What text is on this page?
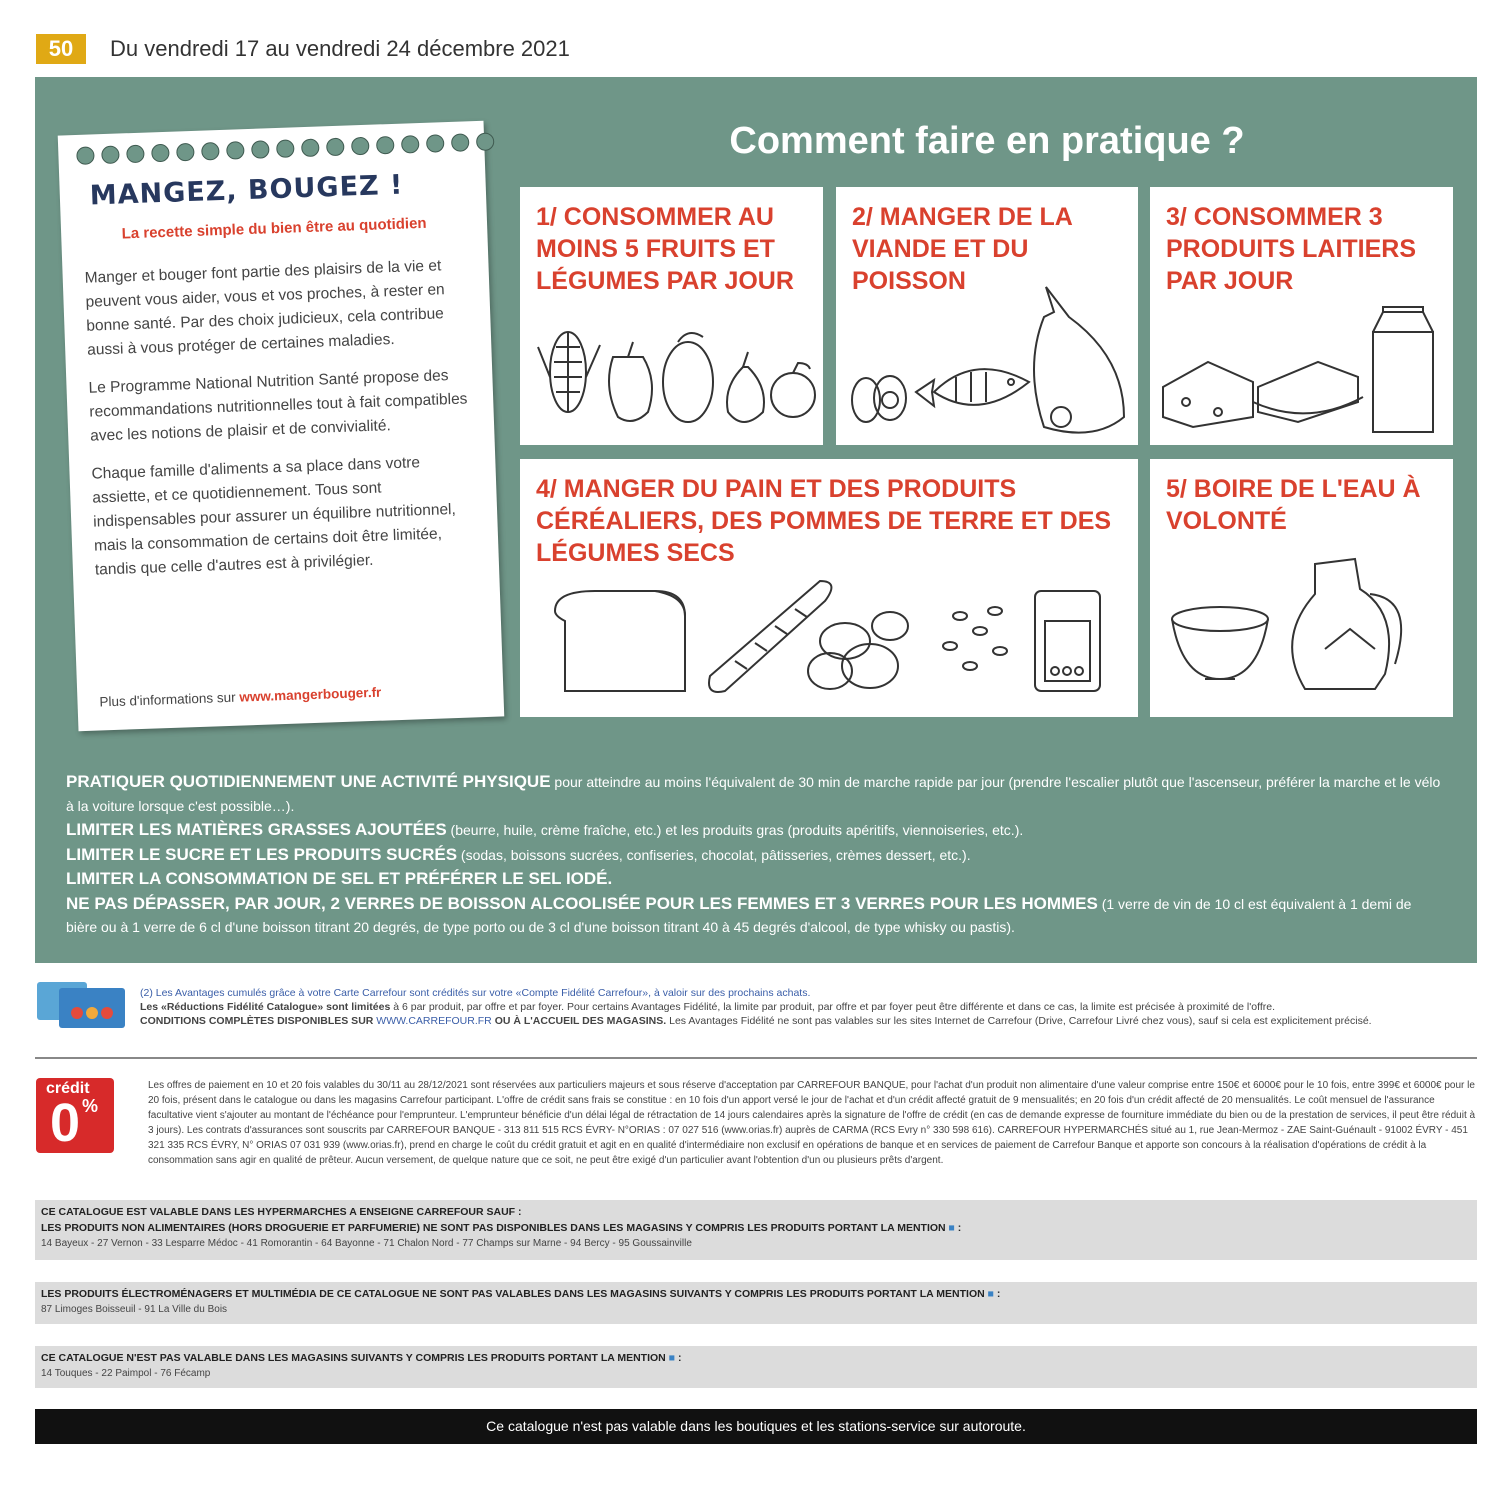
50	Du vendredi 17 au vendredi 24 décembre 2021
MANGEZ, BOUGEZ !
La recette simple du bien être au quotidien

Manger et bouger font partie des plaisirs de la vie et peuvent vous aider, vous et vos proches, à rester en bonne santé. Par des choix judicieux, cela contribue aussi à vous protéger de certaines maladies.

Le Programme National Nutrition Santé propose des recommandations nutritionnelles tout à fait compatibles avec les notions de plaisir et de convivialité.

Chaque famille d'aliments a sa place dans votre assiette, et ce quotidiennement. Tous sont indispensables pour assurer un équilibre nutritionnel, mais la consommation de certains doit être limitée, tandis que celle d'autres est à privilégier.

Plus d'informations sur www.mangerbouger.fr
Comment faire en pratique ?
1/ CONSOMMER AU MOINS 5 FRUITS ET LÉGUMES PAR JOUR
2/ MANGER DE LA VIANDE ET DU POISSON
3/ CONSOMMER 3 PRODUITS LAITIERS PAR JOUR
4/ MANGER DU PAIN ET DES PRODUITS CÉRÉALIERS, DES POMMES DE TERRE ET DES LÉGUMES SECS
5/ BOIRE DE L'EAU À VOLONTÉ
PRATIQUER QUOTIDIENNEMENT UNE ACTIVITÉ PHYSIQUE pour atteindre au moins l'équivalent de 30 min de marche rapide par jour (prendre l'escalier plutôt que l'ascenseur, préférer la marche et le vélo à la voiture lorsque c'est possible…).
LIMITER LES MATIÈRES GRASSES AJOUTÉES (beurre, huile, crème fraîche, etc.) et les produits gras (produits apéritifs, viennoiseries, etc.).
LIMITER LE SUCRE ET LES PRODUITS SUCRÉS (sodas, boissons sucrées, confiseries, chocolat, pâtisseries, crèmes dessert, etc.).
LIMITER LA CONSOMMATION DE SEL ET PRÉFÉRER LE SEL IODÉ.
NE PAS DÉPASSER, PAR JOUR, 2 VERRES DE BOISSON ALCOOLISÉE POUR LES FEMMES ET 3 VERRES POUR LES HOMMES (1 verre de vin de 10 cl est équivalent à 1 demi de bière ou à 1 verre de 6 cl d'une boisson titrant 20 degrés, de type porto ou de 3 cl d'une boisson titrant 40 à 45 degrés d'alcool, de type whisky ou pastis).
(2) Les Avantages cumulés grâce à votre Carte Carrefour sont crédités sur votre «Compte Fidélité Carrefour», à valoir sur des prochains achats.
Les «Réductions Fidélité Catalogue» sont limitées à 6 par produit, par offre et par foyer. Pour certains Avantages Fidélité, la limite par produit, par offre et par foyer peut être différente et dans ce cas, la limite est précisée à proximité de l'offre.
CONDITIONS COMPLÈTES DISPONIBLES SUR WWW.CARREFOUR.FR OU À L'ACCUEIL DES MAGASINS. Les Avantages Fidélité ne sont pas valables sur les sites Internet de Carrefour (Drive, Carrefour Livré chez vous), sauf si cela est explicitement précisé.
crédit
0 %
Les offres de paiement en 10 et 20 fois valables du 30/11 au 28/12/2021 sont réservées aux particuliers majeurs et sous réserve d'acceptation par CARREFOUR BANQUE, pour l'achat d'un produit non alimentaire d'une valeur comprise entre 150€ et 6000€ pour le 10 fois, entre 399€ et 6000€ pour le 20 fois, présent dans le catalogue ou dans les magasins Carrefour participant. L'offre de crédit sans frais se constitue : en 10 fois d'un apport versé le jour de l'achat et d'un crédit affecté gratuit de 9 mensualités; en 20 fois d'un crédit affecté de 20 mensualités. Le coût mensuel de l'assurance facultative vient s'ajouter au montant de l'échéance pour l'emprunteur. L'emprunteur bénéficie d'un délai légal de rétractation de 14 jours calendaires après la signature de l'offre de crédit (en cas de demande expresse de fourniture immédiate du bien ou de la prestation de services, il peut être réduit à 3 jours). Les contrats d'assurances sont souscrits par CARREFOUR BANQUE - 313 811 515 RCS ÉVRY- N°ORIAS : 07 027 516 (www.orias.fr) auprès de CARMA (RCS Evry n° 330 598 616). CARREFOUR HYPERMARCHÉS situé au 1, rue Jean-Mermoz - ZAE Saint-Guénault - 91002 ÉVRY - 451 321 335 RCS ÉVRY, N° ORIAS 07 031 939 (www.orias.fr), prend en charge le coût du crédit gratuit et agit en en qualité d'intermédiaire non exclusif en opérations de banque et en services de paiement de Carrefour Banque et apporte son concours à la réalisation d'opérations de crédit à la consommation sans agir en qualité de prêteur. Aucun versement, de quelque nature que ce soit, ne peut être exigé d'un particulier avant l'obtention d'un ou plusieurs prêts d'argent.
CE CATALOGUE EST VALABLE DANS LES HYPERMARCHES A ENSEIGNE CARREFOUR SAUF :
LES PRODUITS NON ALIMENTAIRES (HORS DROGUERIE ET PARFUMERIE) NE SONT PAS DISPONIBLES DANS LES MAGASINS Y COMPRIS LES PRODUITS PORTANT LA MENTION ■ :
14 Bayeux - 27 Vernon - 33 Lesparre Médoc - 41 Romorantin - 64 Bayonne - 71 Chalon Nord - 77 Champs sur Marne - 94 Bercy - 95 Goussainville
LES PRODUITS ÉLECTROMÉNAGERS ET MULTIMÉDIA DE CE CATALOGUE NE SONT PAS VALABLES DANS LES MAGASINS SUIVANTS Y COMPRIS LES PRODUITS PORTANT LA MENTION ■ :
87 Limoges Boisseuil - 91 La Ville du Bois
CE CATALOGUE N'EST PAS VALABLE DANS LES MAGASINS SUIVANTS Y COMPRIS LES PRODUITS PORTANT LA MENTION ■ :
14 Touques - 22 Paimpol - 76 Fécamp
Ce catalogue n'est pas valable dans les boutiques et les stations-service sur autoroute.
